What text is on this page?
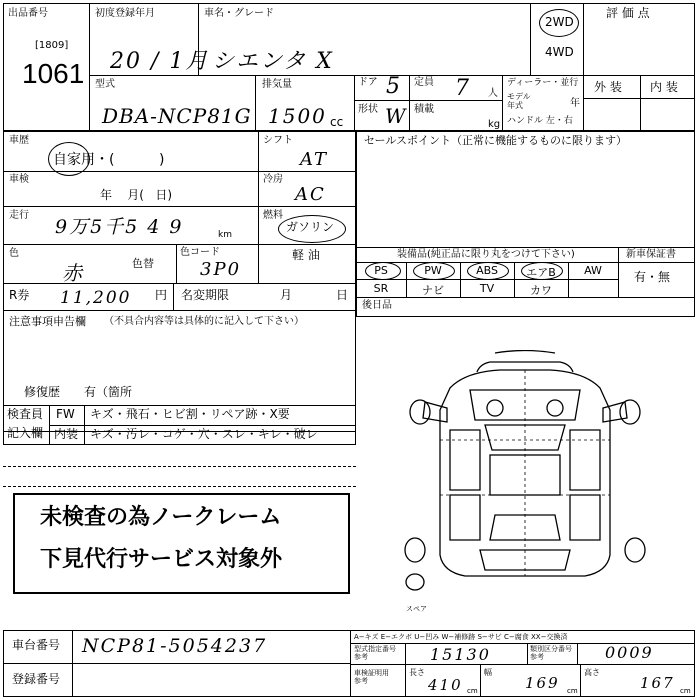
出品番号
[1809]
1061
初度登録年月
20 / 1月
車名・グレード
シエンタ X
2WD
4WD
評 価 点
型式
DBA-NCP81G
排気量
1500 cc
ドア 5
形状 W
定員 7 人
積載
kg
ディーラー・並行
モデル
年式	年
ハンドル 左・右
外 装 内 装
車歴
自家用・(          )
車検
年    月(   日)
走行
9万5千5 4 9	km
色
赤	色替
色コード
3P0
シフト
AT
冷房
AC
燃料
ガソリン
軽 油
R券 11,200 円 名変期限	月	日
注意事項申告欄 （不具合内容等は具体的に記入して下さい）
修復歴　　有（箇所
セールスポイント（正常に機能するものに限ります）
装備品(純正品に限り丸をつけて下さい)	新車保証書
有・無
PS	PW	ABS	エアB	AW
SR	ナビ	TV	カワ
後日品
検査員
記入欄
FW キズ・飛石・ヒビ割・リペア跡・X要
内装 キズ・汚レ・コゲ・穴・スレ・キレ・破レ
未検査の為ノークレーム
下見代行サービス対象外
スペア
車台番号 NCP81-5054237
登録番号
A−キズ E−エクボ U−凹み W−補修跡 S−サビ C−腐食 XX−交換済
型式指定番号
参考	15130	類別区分番号
参考	0009
車検証明用
参考
長さ
410 cm
幅
169 cm
高さ
167 cm
